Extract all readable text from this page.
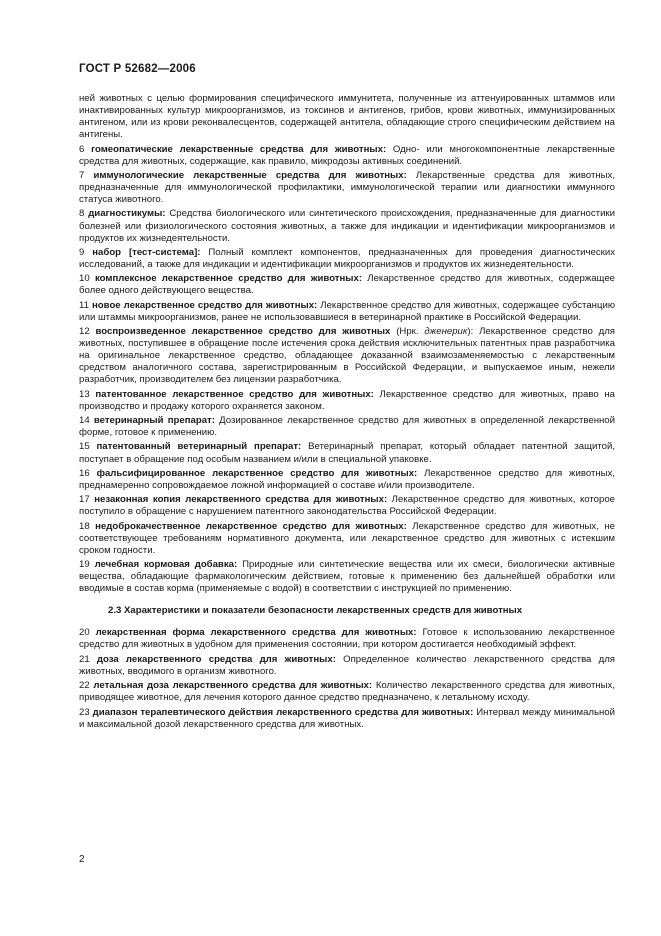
ГОСТ Р 52682—2006

ней животных с целью формирования специфического иммунитета, полученные из аттенуированных штаммов или инактивированных культур микроорганизмов, из токсинов и антигенов, грибов, крови животных, иммунизированных антигеном, или из крови реконвалесцентов, содержащей антитела, обладающие строго специфическим действием на антигены.

6 гомеопатические лекарственные средства для животных: Одно- или многокомпонентные лекарственные средства для животных, содержащие, как правило, микродозы активных соединений.

7 иммунологические лекарственные средства для животных: Лекарственные средства для животных, предназначенные для иммунологической профилактики, иммунологической терапии или диагностики иммунного статуса животного.

8 диагностикумы: Средства биологического или синтетического происхождения, предназначенные для диагностики болезней или физиологического состояния животных, а также для индикации и идентификации микроорганизмов и продуктов их жизнедеятельности.

9 набор [тест-система]: Полный комплект компонентов, предназначенных для проведения диагностических исследований, а также для индикации и идентификации микроорганизмов и продуктов их жизнедеятельности.

10 комплексное лекарственное средство для животных: Лекарственное средство для животных, содержащее более одного действующего вещества.

11 новое лекарственное средство для животных: Лекарственное средство для животных, содержащее субстанцию или штаммы микроорганизмов, ранее не использовавшиеся в ветеринарной практике в Российской Федерации.

12 воспроизведенное лекарственное средство для животных (Нрк. дженерик): Лекарственное средство для животных, поступившее в обращение после истечения срока действия исключительных патентных прав разработчика на оригинальное лекарственное средство, обладающее доказанной взаимозаменяемостью с лекарственным средством аналогичного состава, зарегистрированным в Российской Федерации, и выпускаемое иным, нежели разработчик, производителем без лицензии разработчика.

13 патентованное лекарственное средство для животных: Лекарственное средство для животных, право на производство и продажу которого охраняется законом.

14 ветеринарный препарат: Дозированное лекарственное средство для животных в определенной лекарственной форме, готовое к применению.

15 патентованный ветеринарный препарат: Ветеринарный препарат, который обладает патентной защитой, поступает в обращение под особым названием и/или в специальной упаковке.

16 фальсифицированное лекарственное средство для животных: Лекарственное средство для животных, преднамеренно сопровождаемое ложной информацией о составе и/или производителе.

17 незаконная копия лекарственного средства для животных: Лекарственное средство для животных, которое поступило в обращение с нарушением патентного законодательства Российской Федерации.

18 недоброкачественное лекарственное средство для животных: Лекарственное средство для животных, не соответствующее требованиям нормативного документа, или лекарственное средство для животных с истекшим сроком годности.

19 лечебная кормовая добавка: Природные или синтетические вещества или их смеси, биологически активные вещества, обладающие фармакологическим действием, готовые к применению без дальнейшей обработки или вводимые в состав корма (применяемые с водой) в соответствии с инструкцией по применению.

2.3 Характеристики и показатели безопасности лекарственных средств для животных

20 лекарственная форма лекарственного средства для животных: Готовое к использованию лекарственное средство для животных в удобном для применения состоянии, при котором достигается необходимый эффект.

21 доза лекарственного средства для животных: Определенное количество лекарственного средства для животных, вводимого в организм животного.

22 летальная доза лекарственного средства для животных: Количество лекарственного средства для животных, приводящее животное, для лечения которого данное средство предназначено, к летальному исходу.

23 диапазон терапевтического действия лекарственного средства для животных: Интервал между минимальной и максимальной дозой лекарственного средства для животных.

2
